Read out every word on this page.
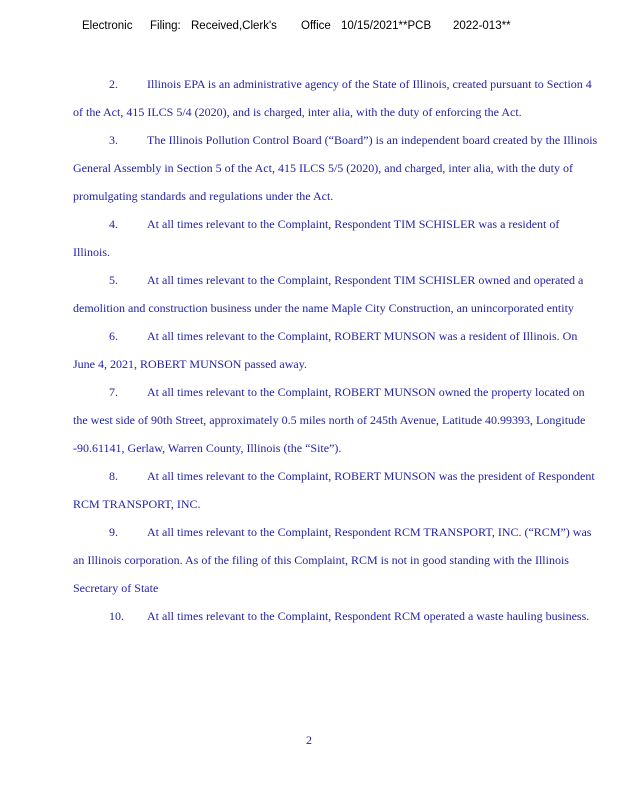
Electronic Filing: Received,Clerk's Office 10/15/2021**PCB 2022-013**

2. Illinois EPA is an administrative agency of the State of Illinois, created pursuant to Section 4 of the Act, 415 ILCS 5/4 (2020), and is charged, inter alia, with the duty of enforcing the Act.

3. The Illinois Pollution Control Board (“Board”) is an independent board created by the Illinois General Assembly in Section 5 of the Act, 415 ILCS 5/5 (2020), and charged, inter alia, with the duty of promulgating standards and regulations under the Act.

4. At all times relevant to the Complaint, Respondent TIM SCHISLER was a resident of Illinois.

5. At all times relevant to the Complaint, Respondent TIM SCHISLER owned and operated a demolition and construction business under the name Maple City Construction, an unincorporated entity

6. At all times relevant to the Complaint, ROBERT MUNSON was a resident of Illinois. On June 4, 2021, ROBERT MUNSON passed away.

7. At all times relevant to the Complaint, ROBERT MUNSON owned the property located on the west side of 90th Street, approximately 0.5 miles north of 245th Avenue, Latitude 40.99393, Longitude -90.61141, Gerlaw, Warren County, Illinois (the “Site”).

8. At all times relevant to the Complaint, ROBERT MUNSON was the president of Respondent RCM TRANSPORT, INC.

9. At all times relevant to the Complaint, Respondent RCM TRANSPORT, INC. (“RCM”) was an Illinois corporation. As of the filing of this Complaint, RCM is not in good standing with the Illinois Secretary of State

10. At all times relevant to the Complaint, Respondent RCM operated a waste hauling business.

2
